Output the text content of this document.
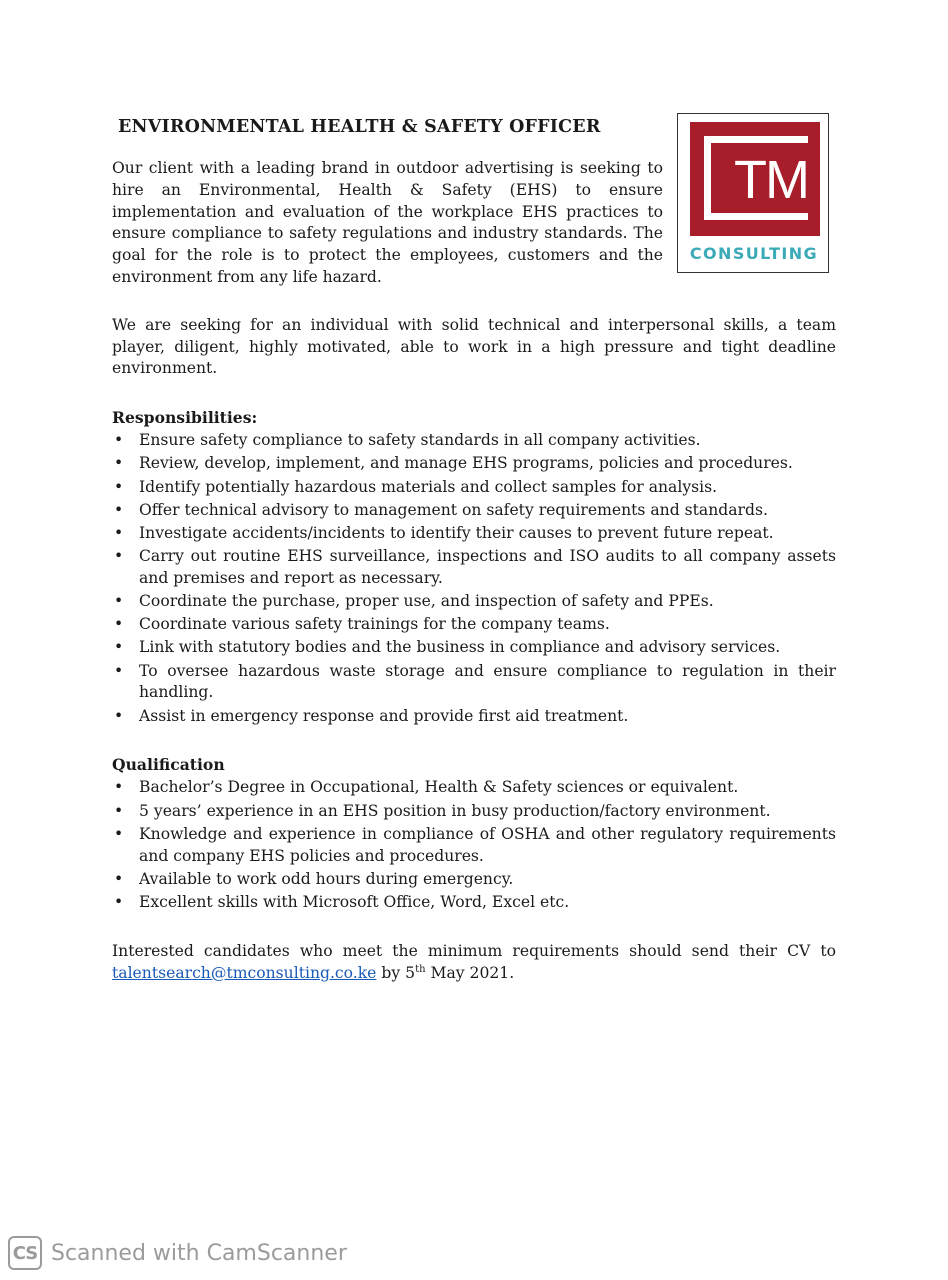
ENVIRONMENTAL HEALTH & SAFETY OFFICER
Our client with a leading brand in outdoor advertising is seeking to hire an Environmental, Health & Safety (EHS) to ensure implementation and evaluation of the workplace EHS practices to ensure compliance to safety regulations and industry standards. The goal for the role is to protect the employees, customers and the environment from any life hazard.
TM
CONSULTING
We are seeking for an individual with solid technical and interpersonal skills, a team player, diligent, highly motivated, able to work in a high pressure and tight deadline environment.
Responsibilities:
• Ensure safety compliance to safety standards in all company activities.
• Review, develop, implement, and manage EHS programs, policies and procedures.
• Identify potentially hazardous materials and collect samples for analysis.
• Offer technical advisory to management on safety requirements and standards.
• Investigate accidents/incidents to identify their causes to prevent future repeat.
• Carry out routine EHS surveillance, inspections and ISO audits to all company assets and premises and report as necessary.
• Coordinate the purchase, proper use, and inspection of safety and PPEs.
• Coordinate various safety trainings for the company teams.
• Link with statutory bodies and the business in compliance and advisory services.
• To oversee hazardous waste storage and ensure compliance to regulation in their handling.
• Assist in emergency response and provide first aid treatment.
Qualification
• Bachelor’s Degree in Occupational, Health & Safety sciences or equivalent.
• 5 years’ experience in an EHS position in busy production/factory environment.
• Knowledge and experience in compliance of OSHA and other regulatory requirements and company EHS policies and procedures.
• Available to work odd hours during emergency.
• Excellent skills with Microsoft Office, Word, Excel etc.
Interested candidates who meet the minimum requirements should send their CV to talentsearch@tmconsulting.co.ke by 5th May 2021.
CS Scanned with CamScanner
